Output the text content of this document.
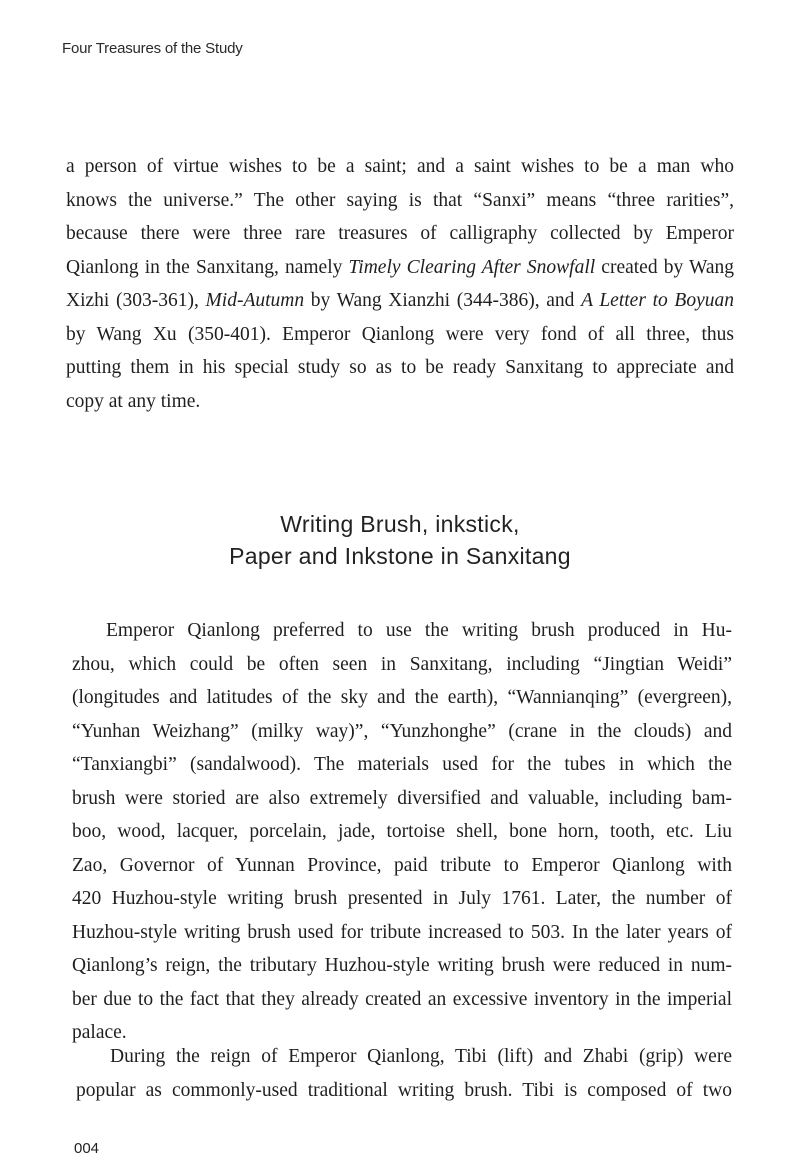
Four Treasures of the Study
a person of virtue wishes to be a saint; and a saint wishes to be a man who
knows the universe.” The other saying is that “Sanxi” means “three rarities”,
because there were three rare treasures of calligraphy collected by Emperor
Qianlong in the Sanxitang, namely Timely Clearing After Snowfall created by Wang
Xizhi (303-361), Mid-Autumn by Wang Xianzhi (344-386), and A Letter to Boyuan
by Wang Xu (350-401). Emperor Qianlong were very fond of all three, thus
putting them in his special study so as to be ready Sanxitang to appreciate and
copy at any time.
Writing Brush, inkstick,
Paper and Inkstone in Sanxitang
Emperor Qianlong preferred to use the writing brush produced in Hu-
zhou, which could be often seen in Sanxitang, including “Jingtian Weidi”
(longitudes and latitudes of the sky and the earth), “Wannianqing” (evergreen),
“Yunhan Weizhang” (milky way)”, “Yunzhonghe” (crane in the clouds) and
“Tanxiangbi” (sandalwood). The materials used for the tubes in which the
brush were storied are also extremely diversified and valuable, including bam-
boo, wood, lacquer, porcelain, jade, tortoise shell, bone horn, tooth, etc. Liu
Zao, Governor of Yunnan Province, paid tribute to Emperor Qianlong with
420 Huzhou-style writing brush presented in July 1761. Later, the number of
Huzhou-style writing brush used for tribute increased to 503. In the later years of
Qianlong’s reign, the tributary Huzhou-style writing brush were reduced in num-
ber due to the fact that they already created an excessive inventory in the imperial
palace.
During the reign of Emperor Qianlong, Tibi (lift) and Zhabi (grip) were
popular as commonly-used traditional writing brush. Tibi is composed of two
004
